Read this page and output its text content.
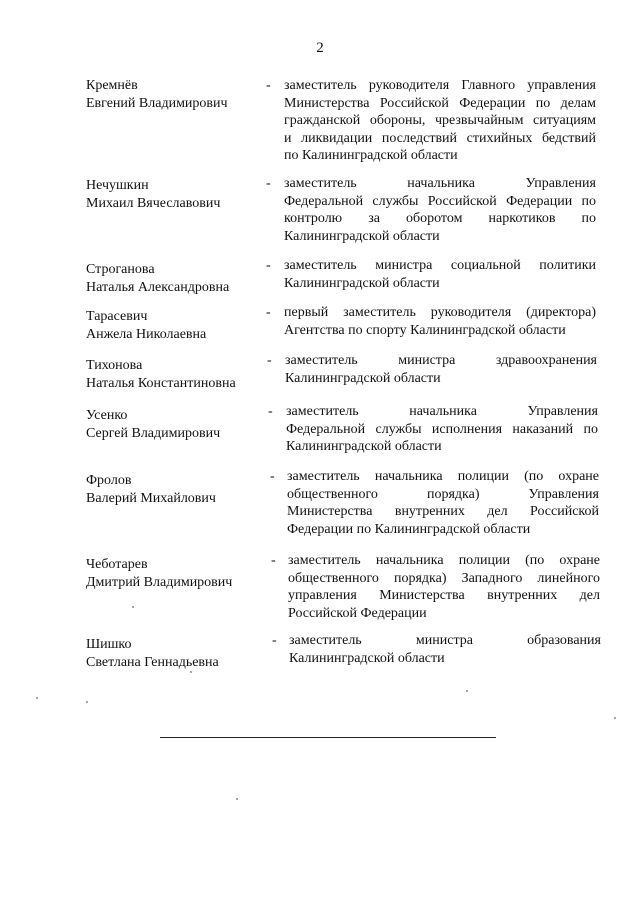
2
Кремнёв
Евгений Владимирович
- заместитель руководителя Главного управления
Министерства Российской Федерации по делам
гражданской обороны, чрезвычайным ситуациям
и ликвидации последствий стихийных бедствий
по Калининградской области
Нечушкин
Михаил Вячеславович
- заместитель начальника Управления
Федеральной службы Российской Федерации по
контролю за оборотом наркотиков по
Калининградской области
Строганова
Наталья Александровна
- заместитель министра социальной политики
Калининградской области
Тарасевич
Анжела Николаевна
- первый заместитель руководителя (директора)
Агентства по спорту Калининградской области
Тихонова
Наталья Константиновна
- заместитель министра здравоохранения
Калининградской области
Усенко
Сергей Владимирович
- заместитель начальника Управления
Федеральной службы исполнения наказаний по
Калининградской области
Фролов
Валерий Михайлович
- заместитель начальника полиции (по охране
общественного порядка) Управления
Министерства внутренних дел Российской
Федерации по Калининградской области
Чеботарев
Дмитрий Владимирович
- заместитель начальника полиции (по охране
общественного порядка) Западного линейного
управления Министерства внутренних дел
Российской Федерации
Шишко
Светлана Геннадьевна
- заместитель министра образования
Калининградской области
